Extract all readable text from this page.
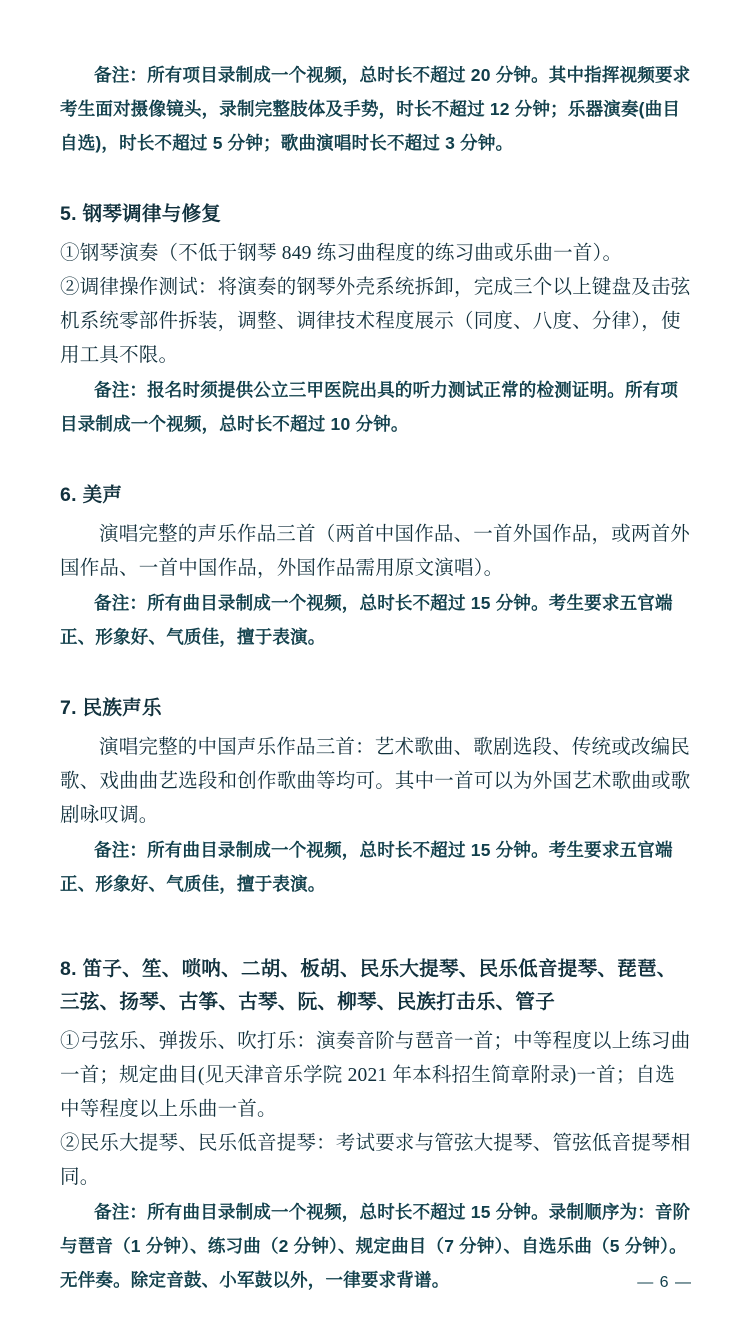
备注：所有项目录制成一个视频，总时长不超过 20 分钟。其中指挥视频要求考生面对摄像镜头，录制完整肢体及手势，时长不超过 12 分钟；乐器演奏(曲目自选)，时长不超过 5 分钟；歌曲演唱时长不超过 3 分钟。

5. 钢琴调律与修复

①钢琴演奏（不低于钢琴 849 练习曲程度的练习曲或乐曲一首）。

②调律操作测试：将演奏的钢琴外壳系统拆卸，完成三个以上键盘及击弦机系统零部件拆装，调整、调律技术程度展示（同度、八度、分律），使用工具不限。

备注：报名时须提供公立三甲医院出具的听力测试正常的检测证明。所有项目录制成一个视频，总时长不超过 10 分钟。

6. 美声

演唱完整的声乐作品三首（两首中国作品、一首外国作品，或两首外国作品、一首中国作品，外国作品需用原文演唱）。

备注：所有曲目录制成一个视频，总时长不超过 15 分钟。考生要求五官端正、形象好、气质佳，擅于表演。

7. 民族声乐

演唱完整的中国声乐作品三首：艺术歌曲、歌剧选段、传统或改编民歌、戏曲曲艺选段和创作歌曲等均可。其中一首可以为外国艺术歌曲或歌剧咏叹调。

备注：所有曲目录制成一个视频，总时长不超过 15 分钟。考生要求五官端正、形象好、气质佳，擅于表演。

8. 笛子、笙、唢呐、二胡、板胡、民乐大提琴、民乐低音提琴、琵琶、三弦、扬琴、古筝、古琴、阮、柳琴、民族打击乐、管子

①弓弦乐、弹拨乐、吹打乐：演奏音阶与琶音一首；中等程度以上练习曲一首；规定曲目(见天津音乐学院 2021 年本科招生简章附录)一首；自选中等程度以上乐曲一首。

②民乐大提琴、民乐低音提琴：考试要求与管弦大提琴、管弦低音提琴相同。

备注：所有曲目录制成一个视频，总时长不超过 15 分钟。录制顺序为：音阶与琶音（1 分钟）、练习曲（2 分钟）、规定曲目（7 分钟）、自选乐曲（5 分钟）。无伴奏。除定音鼓、小军鼓以外，一律要求背谱。	— 6 —
